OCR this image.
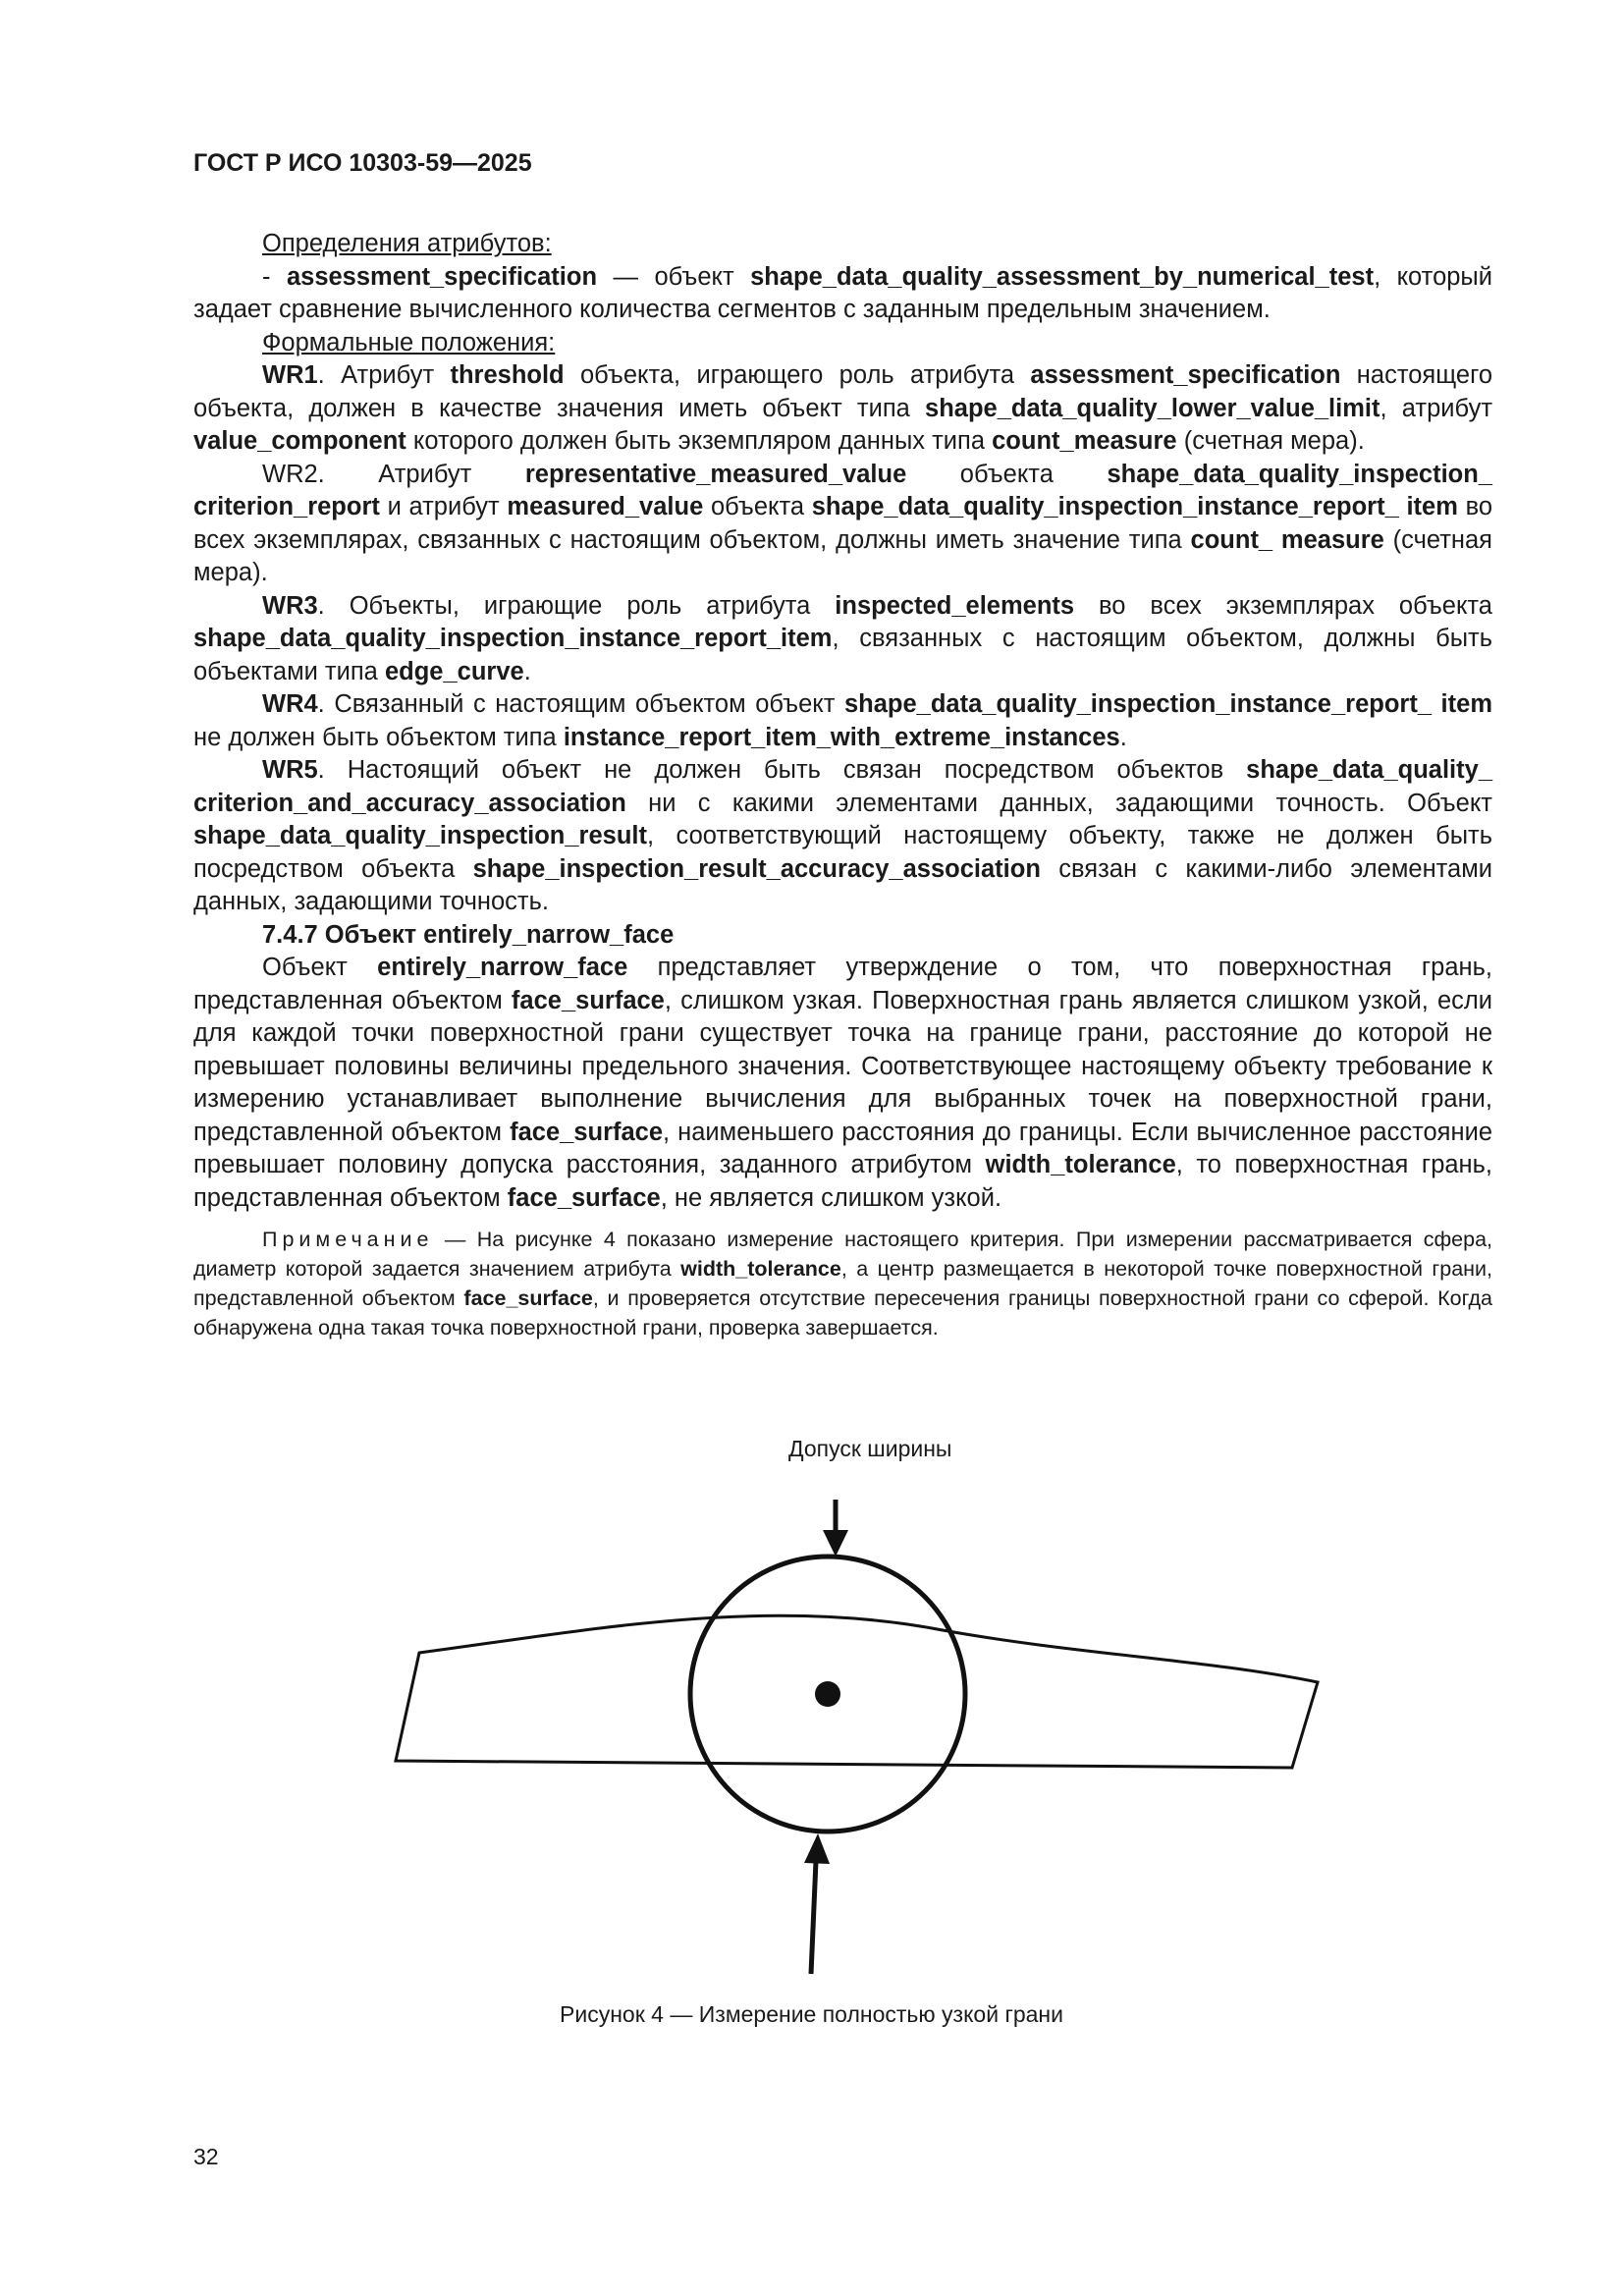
ГОСТ Р ИСО 10303-59—2025

Определения атрибутов:

- assessment_specification — объект shape_data_quality_assessment_by_numerical_test, который задает сравнение вычисленного количества сегментов с заданным предельным значением.

Формальные положения:

WR1. Атрибут threshold объекта, играющего роль атрибута assessment_specification настоящего объекта, должен в качестве значения иметь объект типа shape_data_quality_lower_value_limit, атрибут value_component которого должен быть экземпляром данных типа count_measure (счетная мера).

WR2. Атрибут representative_measured_value объекта shape_data_quality_inspection_ criterion_report и атрибут measured_value объекта shape_data_quality_inspection_instance_report_ item во всех экземплярах, связанных с настоящим объектом, должны иметь значение типа count_ measure (счетная мера).

WR3. Объекты, играющие роль атрибута inspected_elements во всех экземплярах объекта shape_data_quality_inspection_instance_report_item, связанных с настоящим объектом, должны быть объектами типа edge_curve.

WR4. Связанный с настоящим объектом объект shape_data_quality_inspection_instance_report_ item не должен быть объектом типа instance_report_item_with_extreme_instances.

WR5. Настоящий объект не должен быть связан посредством объектов shape_data_quality_ criterion_and_accuracy_association ни с какими элементами данных, задающими точность. Объект shape_data_quality_inspection_result, соответствующий настоящему объекту, также не должен быть посредством объекта shape_inspection_result_accuracy_association связан с какими-либо элементами данных, задающими точность.

7.4.7 Объект entirely_narrow_face

Объект entirely_narrow_face представляет утверждение о том, что поверхностная грань, представленная объектом face_surface, слишком узкая. Поверхностная грань является слишком узкой, если для каждой точки поверхностной грани существует точка на границе грани, расстояние до которой не превышает половины величины предельного значения. Соответствующее настоящему объекту требование к измерению устанавливает выполнение вычисления для выбранных точек на поверхностной грани, представленной объектом face_surface, наименьшего расстояния до границы. Если вычисленное расстояние превышает половину допуска расстояния, заданного атрибутом width_tolerance, то поверхностная грань, представленная объектом face_surface, не является слишком узкой.

Примечание — На рисунке 4 показано измерение настоящего критерия. При измерении рассматривается сфера, диаметр которой задается значением атрибута width_tolerance, а центр размещается в некоторой точке поверхностной грани, представленной объектом face_surface, и проверяется отсутствие пересечения границы поверхностной грани со сферой. Когда обнаружена одна такая точка поверхностной грани, проверка завершается.

Допуск ширины
Рисунок 4 — Измерение полностью узкой грани
32
